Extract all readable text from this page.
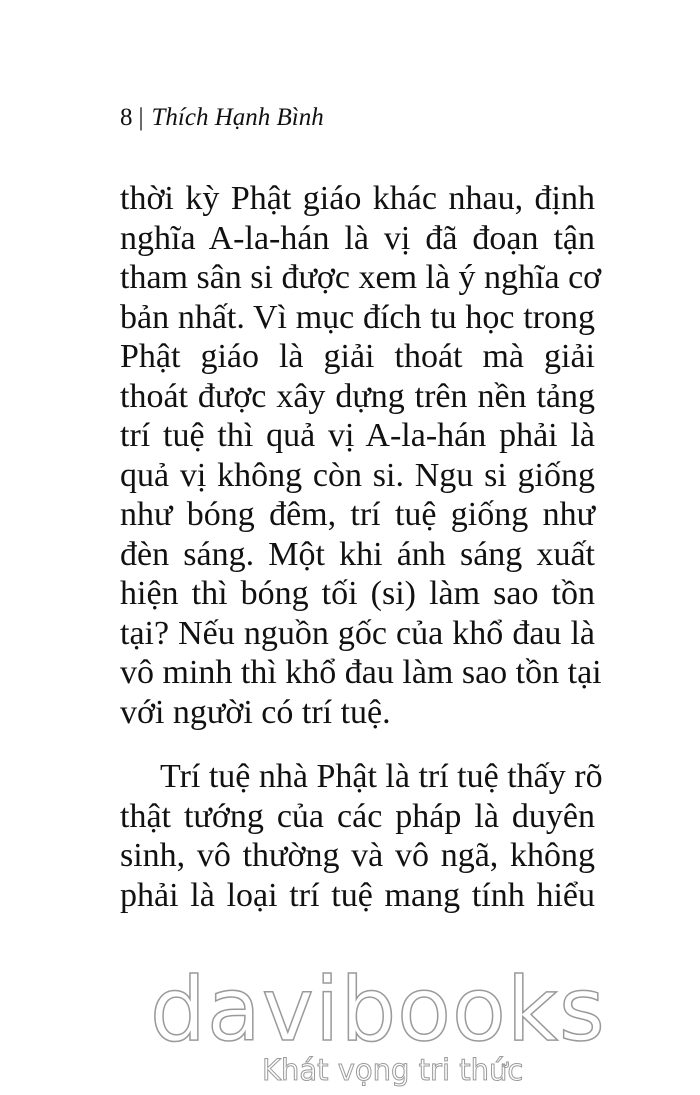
8 | Thích Hạnh Bình
thời kỳ Phật giáo khác nhau, định
nghĩa A-la-hán là vị đã đoạn tận
tham sân si được xem là ý nghĩa cơ
bản nhất. Vì mục đích tu học trong
Phật giáo là giải thoát mà giải
thoát được xây dựng trên nền tảng
trí tuệ thì quả vị A-la-hán phải là
quả vị không còn si. Ngu si giống
như bóng đêm, trí tuệ giống như
đèn sáng. Một khi ánh sáng xuất
hiện thì bóng tối (si) làm sao tồn
tại? Nếu nguồn gốc của khổ đau là
vô minh thì khổ đau làm sao tồn tại
với người có trí tuệ.
Trí tuệ nhà Phật là trí tuệ thấy rõ
thật tướng của các pháp là duyên
sinh, vô thường và vô ngã, không
phải là loại trí tuệ mang tính hiểu
davibooks
Khát vọng tri thức
